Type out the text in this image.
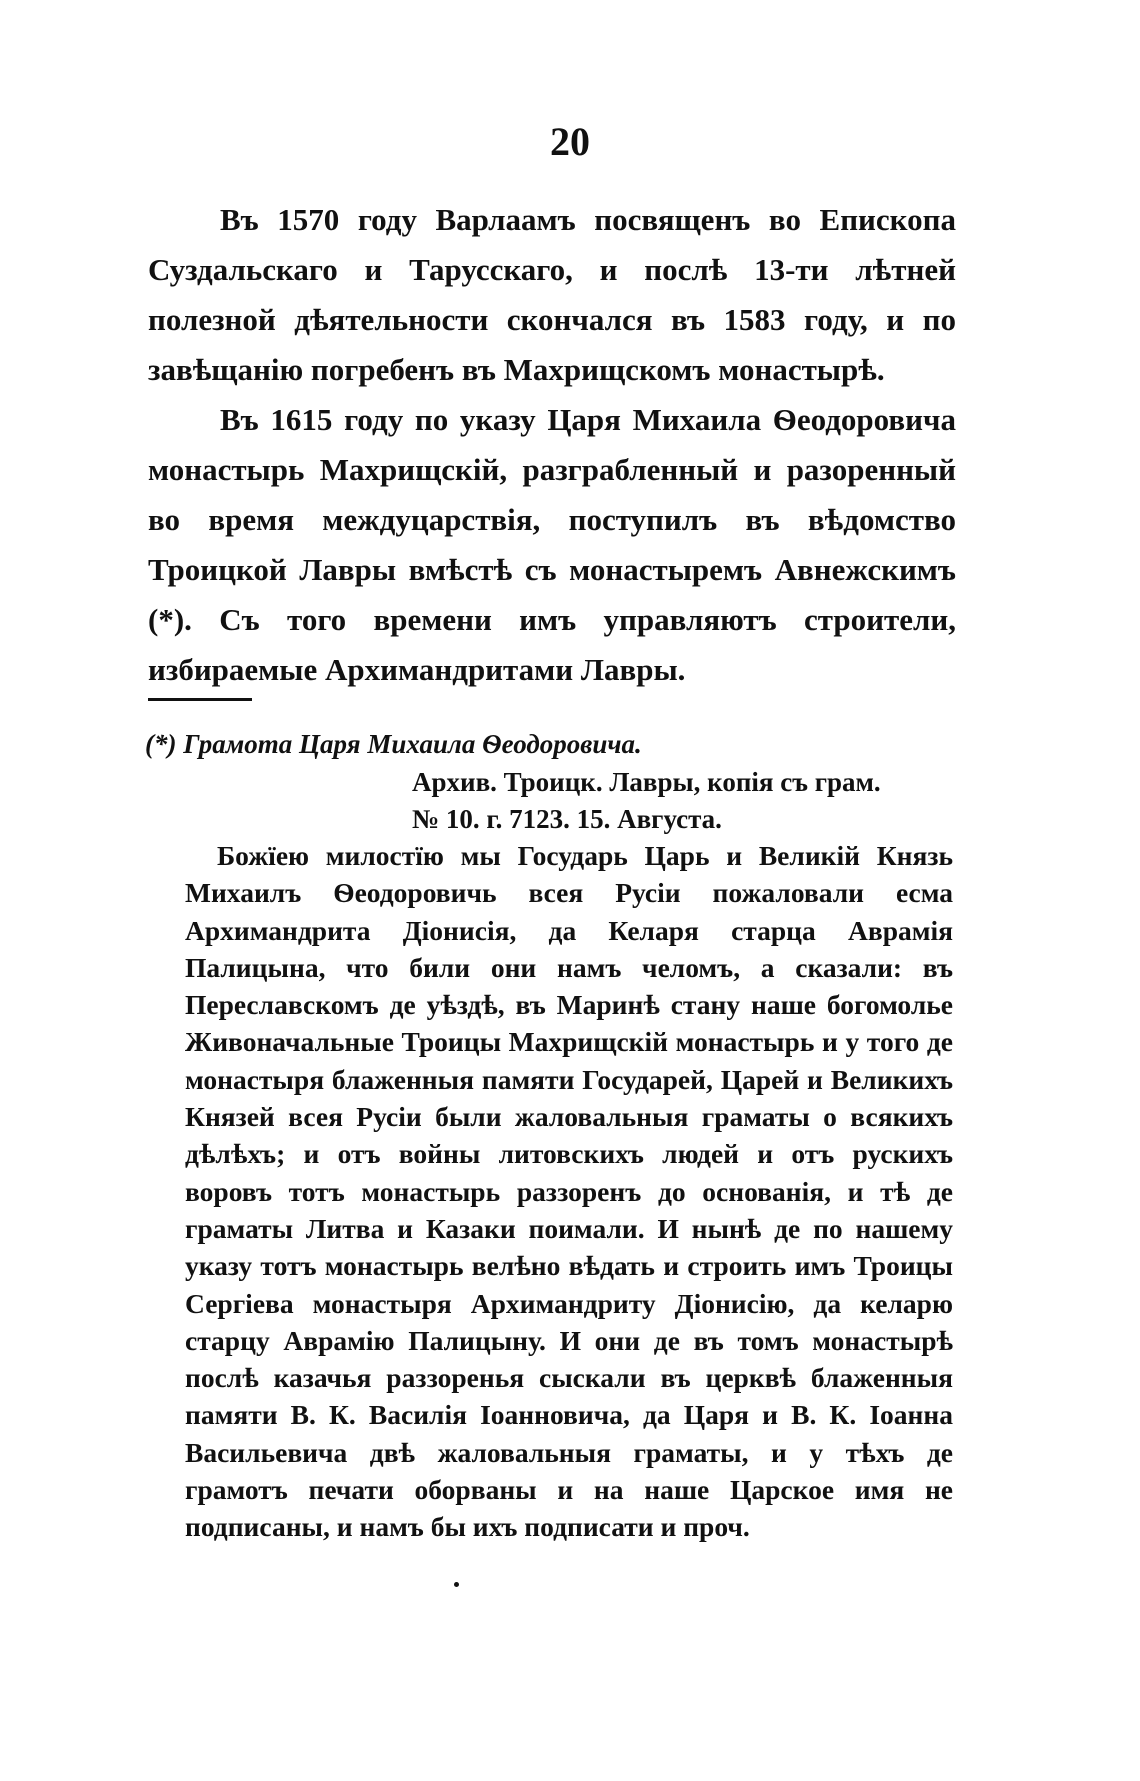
20

Въ 1570 году Варлаамъ посвященъ во Епископа Суздальскаго и Тарусскаго, и послѣ 13-ти лѣтней полезной дѣятельности скончался въ 1583 году, и по завѣщанію погребенъ въ Махрищскомъ монастырѣ.

Въ 1615 году по указу Царя Михаила Ѳеодоровича монастырь Махрищскій, разграбленный и разоренный во время междуцарствія, поступилъ въ вѣдомство Троицкой Лавры вмѣстѣ съ монастыремъ Авнежскимъ (*). Съ того времени имъ управляютъ строители, избираемые Архимандритами Лавры.

(*) Грамота Царя Михаила Ѳеодоровича.
Архив. Троицк. Лавры, копія съ грам.
№ 10. г. 7123. 15. Августа.

Божїею милостїю мы Государь Царь и Великій Князь Михаилъ Ѳеодоровичь всея Русіи пожаловали есма Архимандрита Діонисія, да Келаря старца Аврамія Палицына, что били они намъ челомъ, а сказали: въ Переславскомъ де уѣздѣ, въ Маринѣ стану наше богомолье Живоначальные Троицы Махрищскій монастырь и у того де монастыря блаженныя памяти Государей, Царей и Великихъ Князей всея Русіи были жаловальныя граматы о всякихъ дѣлѣхъ; и отъ войны литовскихъ людей и отъ рускихъ воровъ тотъ монастырь раззоренъ до основанія, и тѣ де граматы Литва и Казаки поимали. И нынѣ де по нашему указу тотъ монастырь велѣно вѣдать и строить имъ Троицы Сергіева монастыря Архимандриту Діонисію, да келарю старцу Аврамію Палицыну. И они де въ томъ монастырѣ послѣ казачья раззоренья сыскали въ церквѣ блаженныя памяти В. К. Василія Іоанновича, да Царя и В. К. Іоанна Васильевича двѣ жаловальныя граматы, и у тѣхъ де грамотъ печати оборваны и на наше Царское имя не подписаны, и намъ бы ихъ подписати и проч.
